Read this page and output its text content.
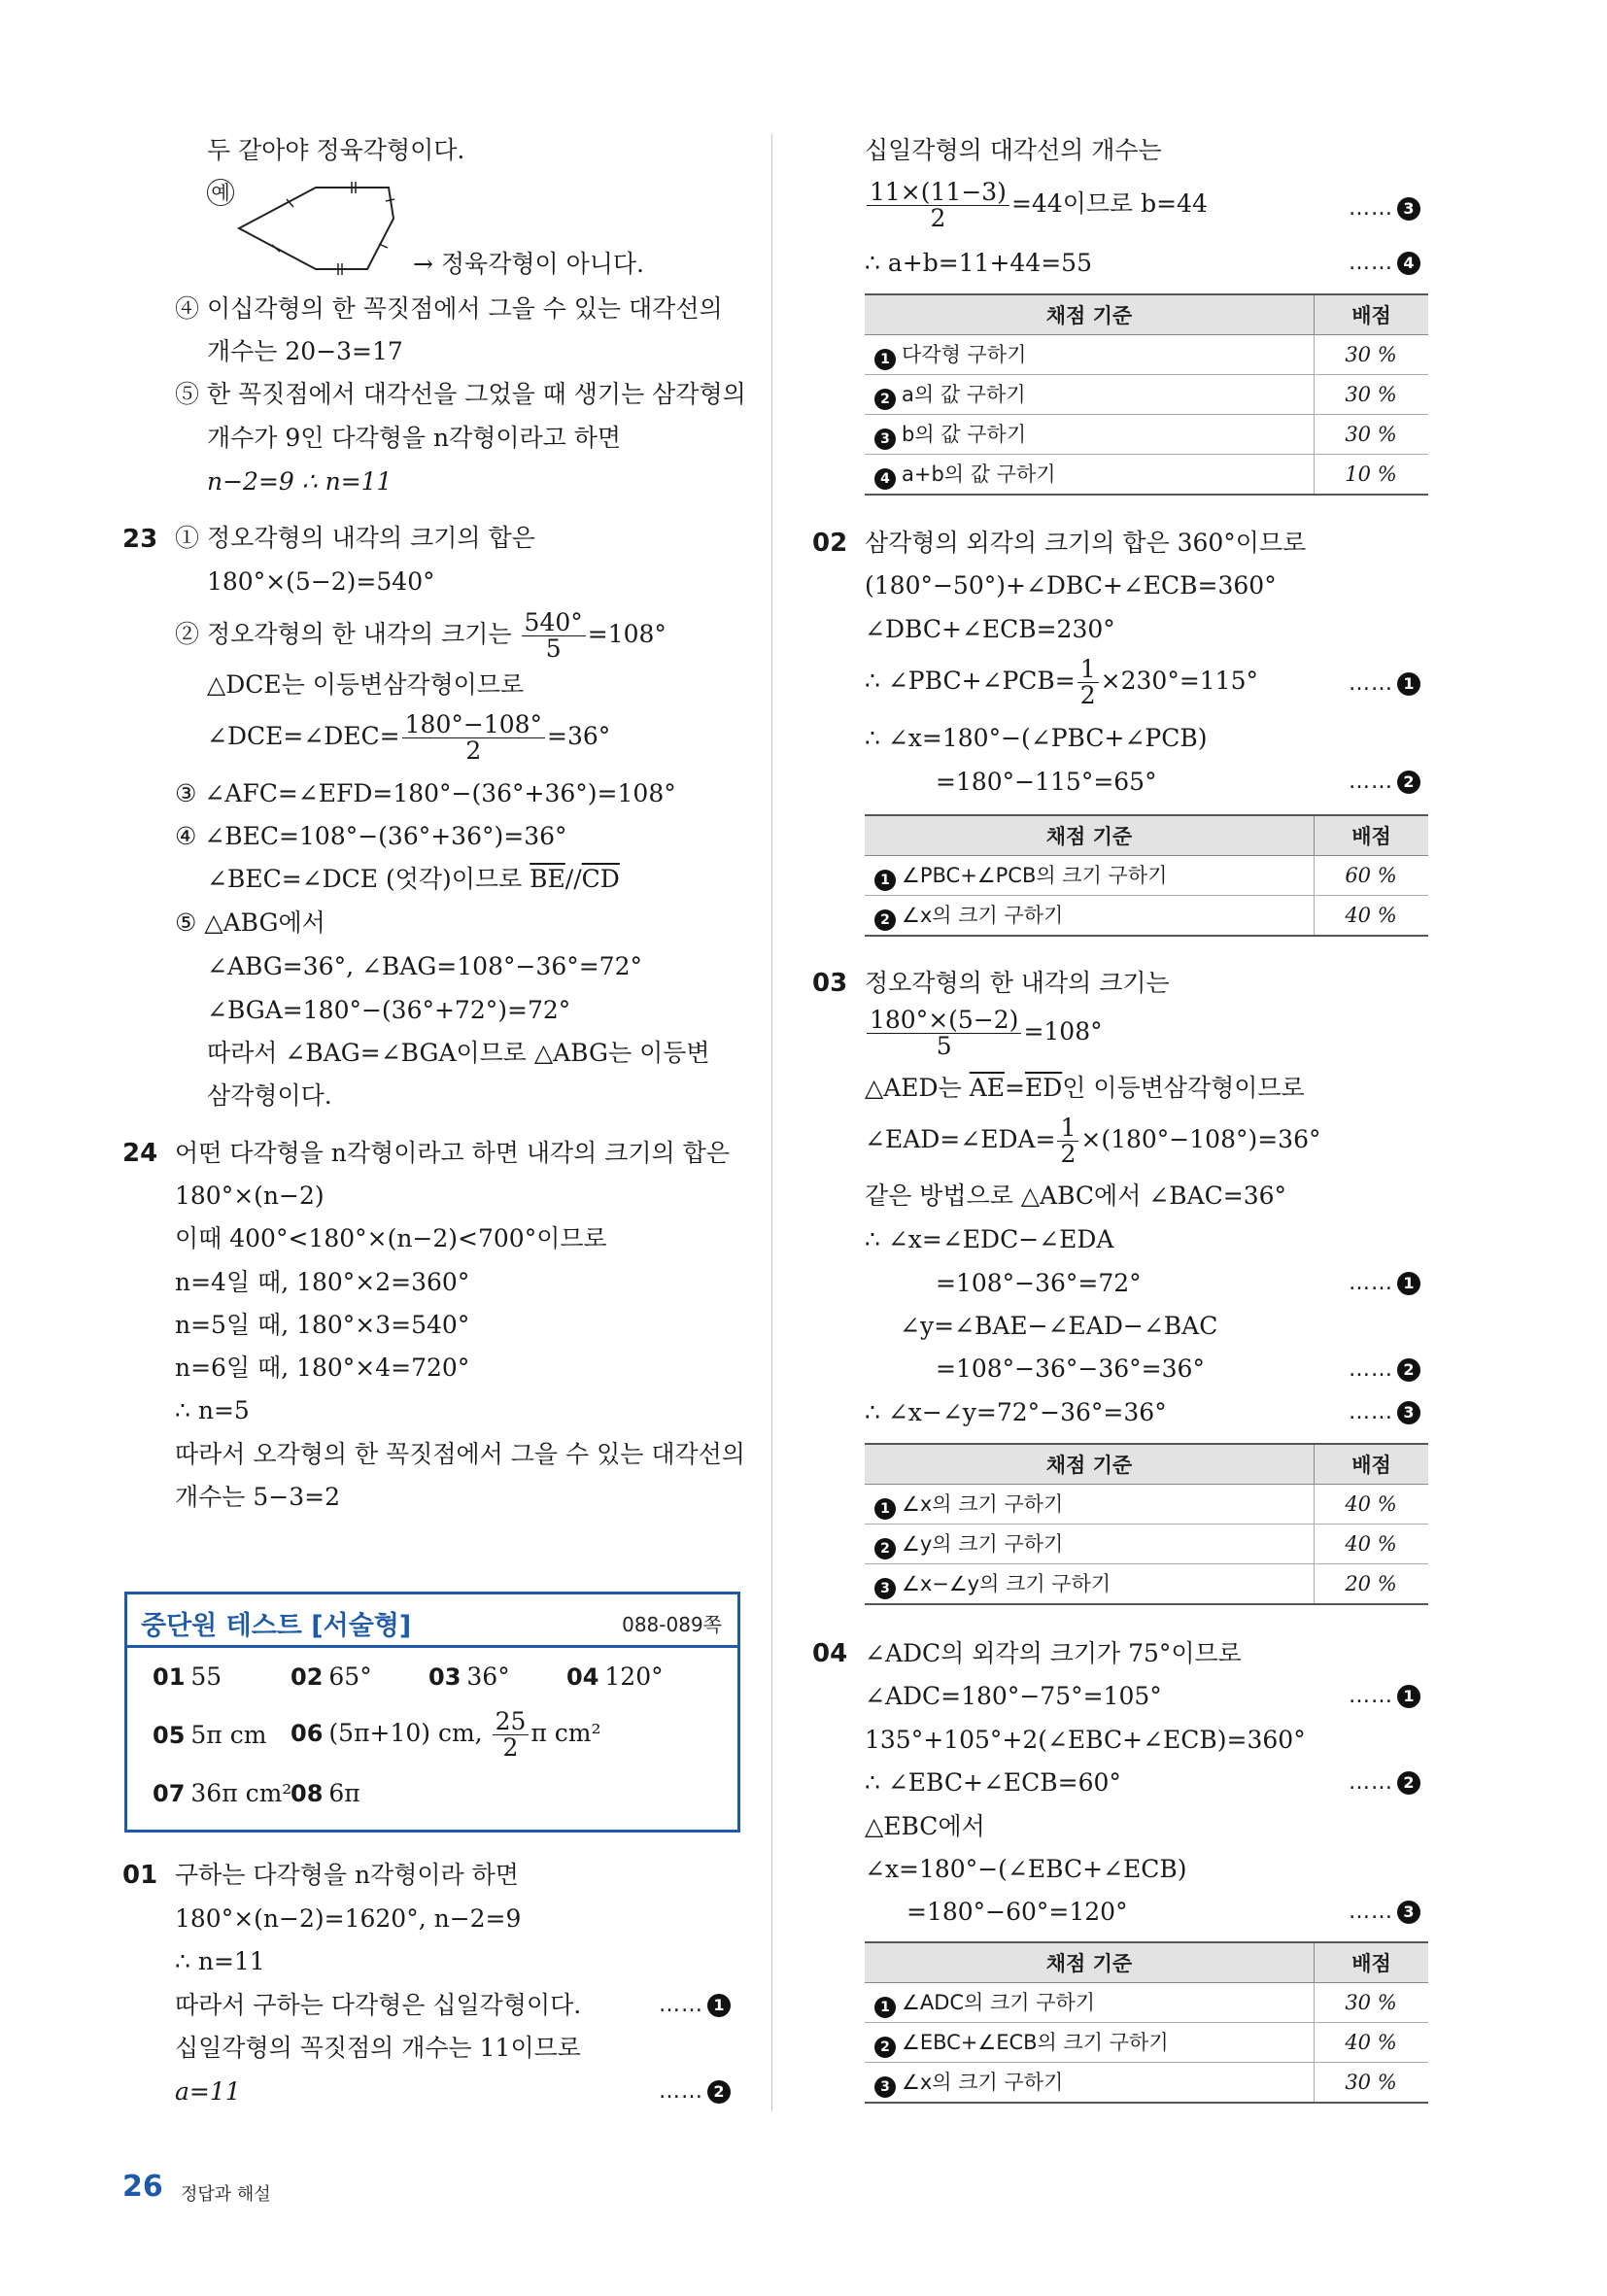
두 같아야 정육각형이다.
예
→ 정육각형이 아니다.
④ 이십각형의 한 꼭짓점에서 그을 수 있는 대각선의
개수는 20−3=17
⑤ 한 꼭짓점에서 대각선을 그었을 때 생기는 삼각형의
개수가 9인 다각형을 n각형이라고 하면
n−2=9 ∴ n=11
23 ① 정오각형의 내각의 크기의 합은
180°×(5−2)=540°
② 정오각형의 한 내각의 크기는 $\frac{540^\circ}{5} =108^\circ$
△DCE는 이등변삼각형이므로
∠DCE=∠DEC= $\frac{180^\circ-108^\circ}{2} =36^\circ$
③ ∠AFC=∠EFD=180°−(36°+36°)=108°
④ ∠BEC=108°−(36°+36°)=36°
∠BEC=∠DCE (엇각)이므로 $\overline{BE}//\overline{CD}$
⑤ △ABG에서
∠ABG=36°, ∠BAG=108°−36°=72°
∠BGA=180°−(36°+72°)=72°
따라서 ∠BAG=∠BGA이므로 △ABG는 이등변
삼각형이다.
24 어떤 다각형을 n각형이라고 하면 내각의 크기의 합은
180°×(n−2)
이때 400°<180°×(n−2)<700°이므로
n=4일 때, 180°×2=360°
n=5일 때, 180°×3=540°
n=6일 때, 180°×4=720°
∴ n=5
따라서 오각형의 한 꼭짓점에서 그을 수 있는 대각선의
개수는 5−3=2
중단원 테스트 [서술형]	088-089쪽
01 55	02 65° 03 36° 04 120°
05 5π cm 06 (5π+10) cm, $\frac{25}{2}$ π cm²
07 36π cm²
08 6π
01 구하는 다각형을 n각형이라 하면
180°×(n−2)=1620°, n−2=9
∴ n=11
따라서 구하는 다각형은 십일각형이다.	…… 1
십일각형의 꼭짓점의 개수는 11이므로
a=11	…… 2
십일각형의 대각선의 개수는
$\frac{11\times(11-3)}{2} =44$이므로 b=44	…… 3
∴ a+b=11+44=55	…… 4
채점 기준	배점
1 다각형 구하기	30 %
2 a의 값 구하기	30 %
3 b의 값 구하기	30 %
4 a+b의 값 구하기	10 %
02 삼각형의 외각의 크기의 합은 360°이므로
(180°−50°)+∠DBC+∠ECB=360°
∠DBC+∠ECB=230°
∴ ∠PBC+∠PCB= $\frac{1}{2} \times 230^\circ=115^\circ$	…… 1
∴ ∠x=180°−(∠PBC+∠PCB)
=180°−115°=65°	…… 2
채점 기준	배점
1 ∠PBC+∠PCB의 크기 구하기	60 %
2 ∠x의 크기 구하기	40 %
03 정오각형의 한 내각의 크기는
$\frac{180^\circ\times(5-2)}{5} =108^\circ$
△AED는 $\overline{AE}=\overline{ED}$인 이등변삼각형이므로
∠EAD=∠EDA= $\frac{1}{2} \times(180^\circ-108^\circ)=36^\circ$
같은 방법으로 △ABC에서 ∠BAC=36°
∴ ∠x=∠EDC−∠EDA
=108°−36°=72°	…… 1
∠y=∠BAE−∠EAD−∠BAC
=108°−36°−36°=36°	…… 2
∴ ∠x−∠y=72°−36°=36°	…… 3
채점 기준	배점
1 ∠x의 크기 구하기	40 %
2 ∠y의 크기 구하기	40 %
3 ∠x−∠y의 크기 구하기	20 %
04 ∠ADC의 외각의 크기가 75°이므로
∠ADC=180°−75°=105°	…… 1
135°+105°+2(∠EBC+∠ECB)=360°
∴ ∠EBC+∠ECB=60°	…… 2
△EBC에서
∠x=180°−(∠EBC+∠ECB)
=180°−60°=120°	…… 3
채점 기준	배점
1 ∠ADC의 크기 구하기	30 %
2 ∠EBC+∠ECB의 크기 구하기	40 %
3 ∠x의 크기 구하기	30 %
26 정답과 해설
